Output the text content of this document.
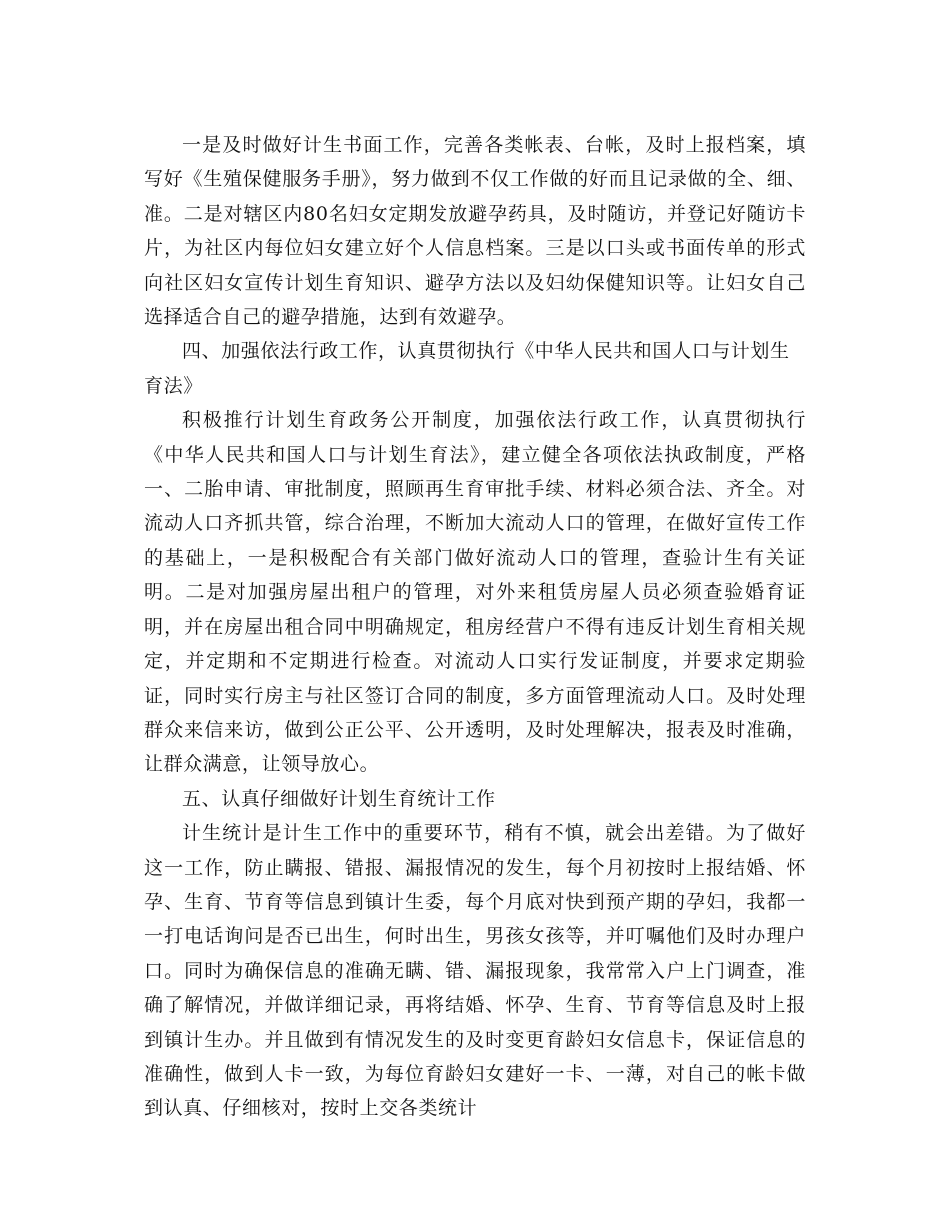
一是及时做好计生书面工作，完善各类帐表、台帐，及时上报档案，填写好《生殖保健服务手册》，努力做到不仅工作做的好而且记录做的全、细、准。二是对辖区内80名妇女定期发放避孕药具，及时随访，并登记好随访卡片，为社区内每位妇女建立好个人信息档案。三是以口头或书面传单的形式向社区妇女宣传计划生育知识、避孕方法以及妇幼保健知识等。让妇女自己选择适合自己的避孕措施，达到有效避孕。

四、加强依法行政工作，认真贯彻执行《中华人民共和国人口与计划生育法》

积极推行计划生育政务公开制度，加强依法行政工作，认真贯彻执行《中华人民共和国人口与计划生育法》，建立健全各项依法执政制度，严格一、二胎申请、审批制度，照顾再生育审批手续、材料必须合法、齐全。对流动人口齐抓共管，综合治理，不断加大流动人口的管理，在做好宣传工作的基础上，一是积极配合有关部门做好流动人口的管理，查验计生有关证明。二是对加强房屋出租户的管理，对外来租赁房屋人员必须查验婚育证明，并在房屋出租合同中明确规定，租房经营户不得有违反计划生育相关规定，并定期和不定期进行检查。对流动人口实行发证制度，并要求定期验证，同时实行房主与社区签订合同的制度，多方面管理流动人口。及时处理群众来信来访，做到公正公平、公开透明，及时处理解决，报表及时准确，让群众满意，让领导放心。

五、认真仔细做好计划生育统计工作

计生统计是计生工作中的重要环节，稍有不慎，就会出差错。为了做好这一工作，防止瞒报、错报、漏报情况的发生，每个月初按时上报结婚、怀孕、生育、节育等信息到镇计生委，每个月底对快到预产期的孕妇，我都一一打电话询问是否已出生，何时出生，男孩女孩等，并叮嘱他们及时办理户口。同时为确保信息的准确无瞒、错、漏报现象，我常常入户上门调查，准确了解情况，并做详细记录，再将结婚、怀孕、生育、节育等信息及时上报到镇计生办。并且做到有情况发生的及时变更育龄妇女信息卡，保证信息的准确性，做到人卡一致，为每位育龄妇女建好一卡、一薄，对自己的帐卡做到认真、仔细核对，按时上交各类统计
